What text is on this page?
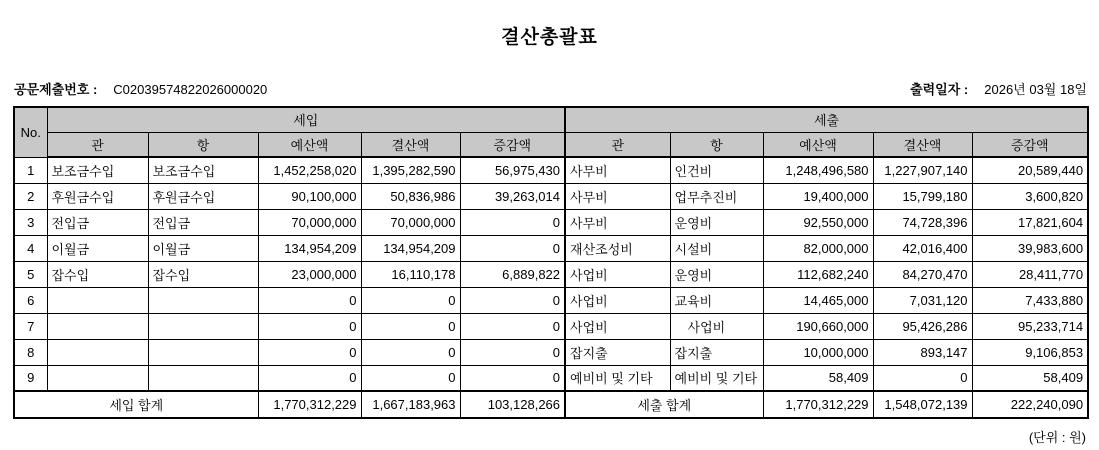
결산총괄표
공문제출번호 : C02039574822026000020	출력일자 : 2026년 03월 18일
No.	세입					세출				
	관	항	예산액	결산액	증감액	관	항	예산액	결산액	증감액
1	보조금수입	보조금수입	1,452,258,020	1,395,282,590	56,975,430	사무비	인건비	1,248,496,580	1,227,907,140	20,589,440
2	후원금수입	후원금수입	90,100,000	50,836,986	39,263,014	사무비	업무추진비	19,400,000	15,799,180	3,600,820
3	전입금	전입금	70,000,000	70,000,000	0	사무비	운영비	92,550,000	74,728,396	17,821,604
4	이월금	이월금	134,954,209	134,954,209	0	재산조성비	시설비	82,000,000	42,016,400	39,983,600
5	잡수입	잡수입	23,000,000	16,110,178	6,889,822	사업비	운영비	112,682,240	84,270,470	28,411,770
6			0	0	0	사업비	교육비	14,465,000	7,031,120	7,433,880
7			0	0	0	사업비	　사업비	190,660,000	95,426,286	95,233,714
8			0	0	0	잡지출	잡지출	10,000,000	893,147	9,106,853
9			0	0	0	예비비 및 기타	예비비 및 기타	58,409	0	58,409
세입 합계			1,770,312,229	1,667,183,963	103,128,266	세출 합계		1,770,312,229	1,548,072,139	222,240,090
(단위 : 원)
